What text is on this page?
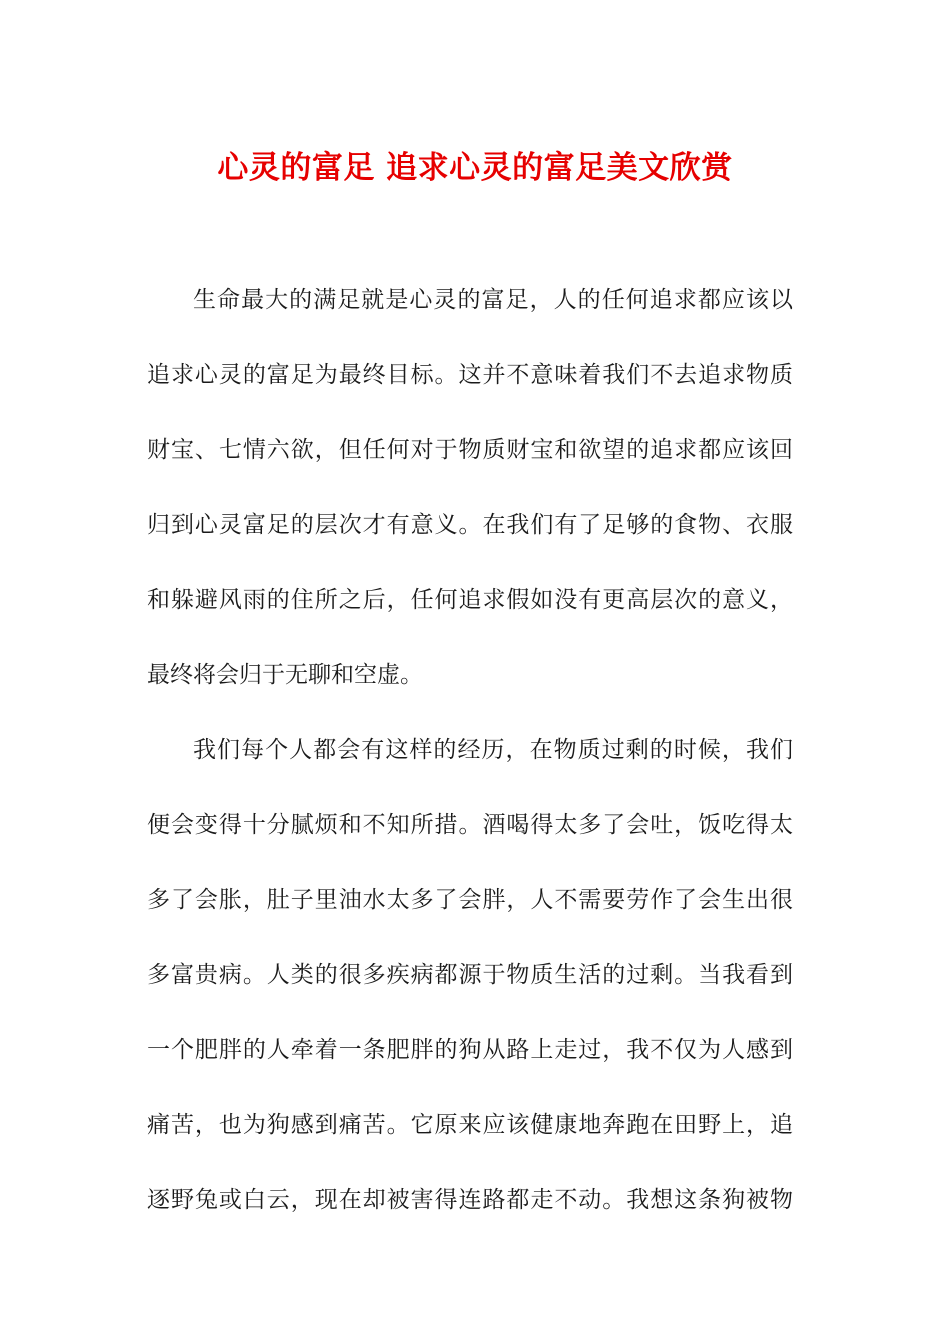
心灵的富足 追求心灵的富足美文欣赏

生命最大的满足就是心灵的富足，人的任何追求都应该以

追求心灵的富足为最终目标。这并不意味着我们不去追求物质

财宝、七情六欲，但任何对于物质财宝和欲望的追求都应该回

归到心灵富足的层次才有意义。在我们有了足够的食物、衣服

和躲避风雨的住所之后，任何追求假如没有更高层次的意义，

最终将会归于无聊和空虚。

我们每个人都会有这样的经历，在物质过剩的时候，我们

便会变得十分腻烦和不知所措。酒喝得太多了会吐，饭吃得太

多了会胀，肚子里油水太多了会胖，人不需要劳作了会生出很

多富贵病。人类的很多疾病都源于物质生活的过剩。当我看到

一个肥胖的人牵着一条肥胖的狗从路上走过，我不仅为人感到

痛苦，也为狗感到痛苦。它原来应该健康地奔跑在田野上，追

逐野兔或白云，现在却被害得连路都走不动。我想这条狗被物
